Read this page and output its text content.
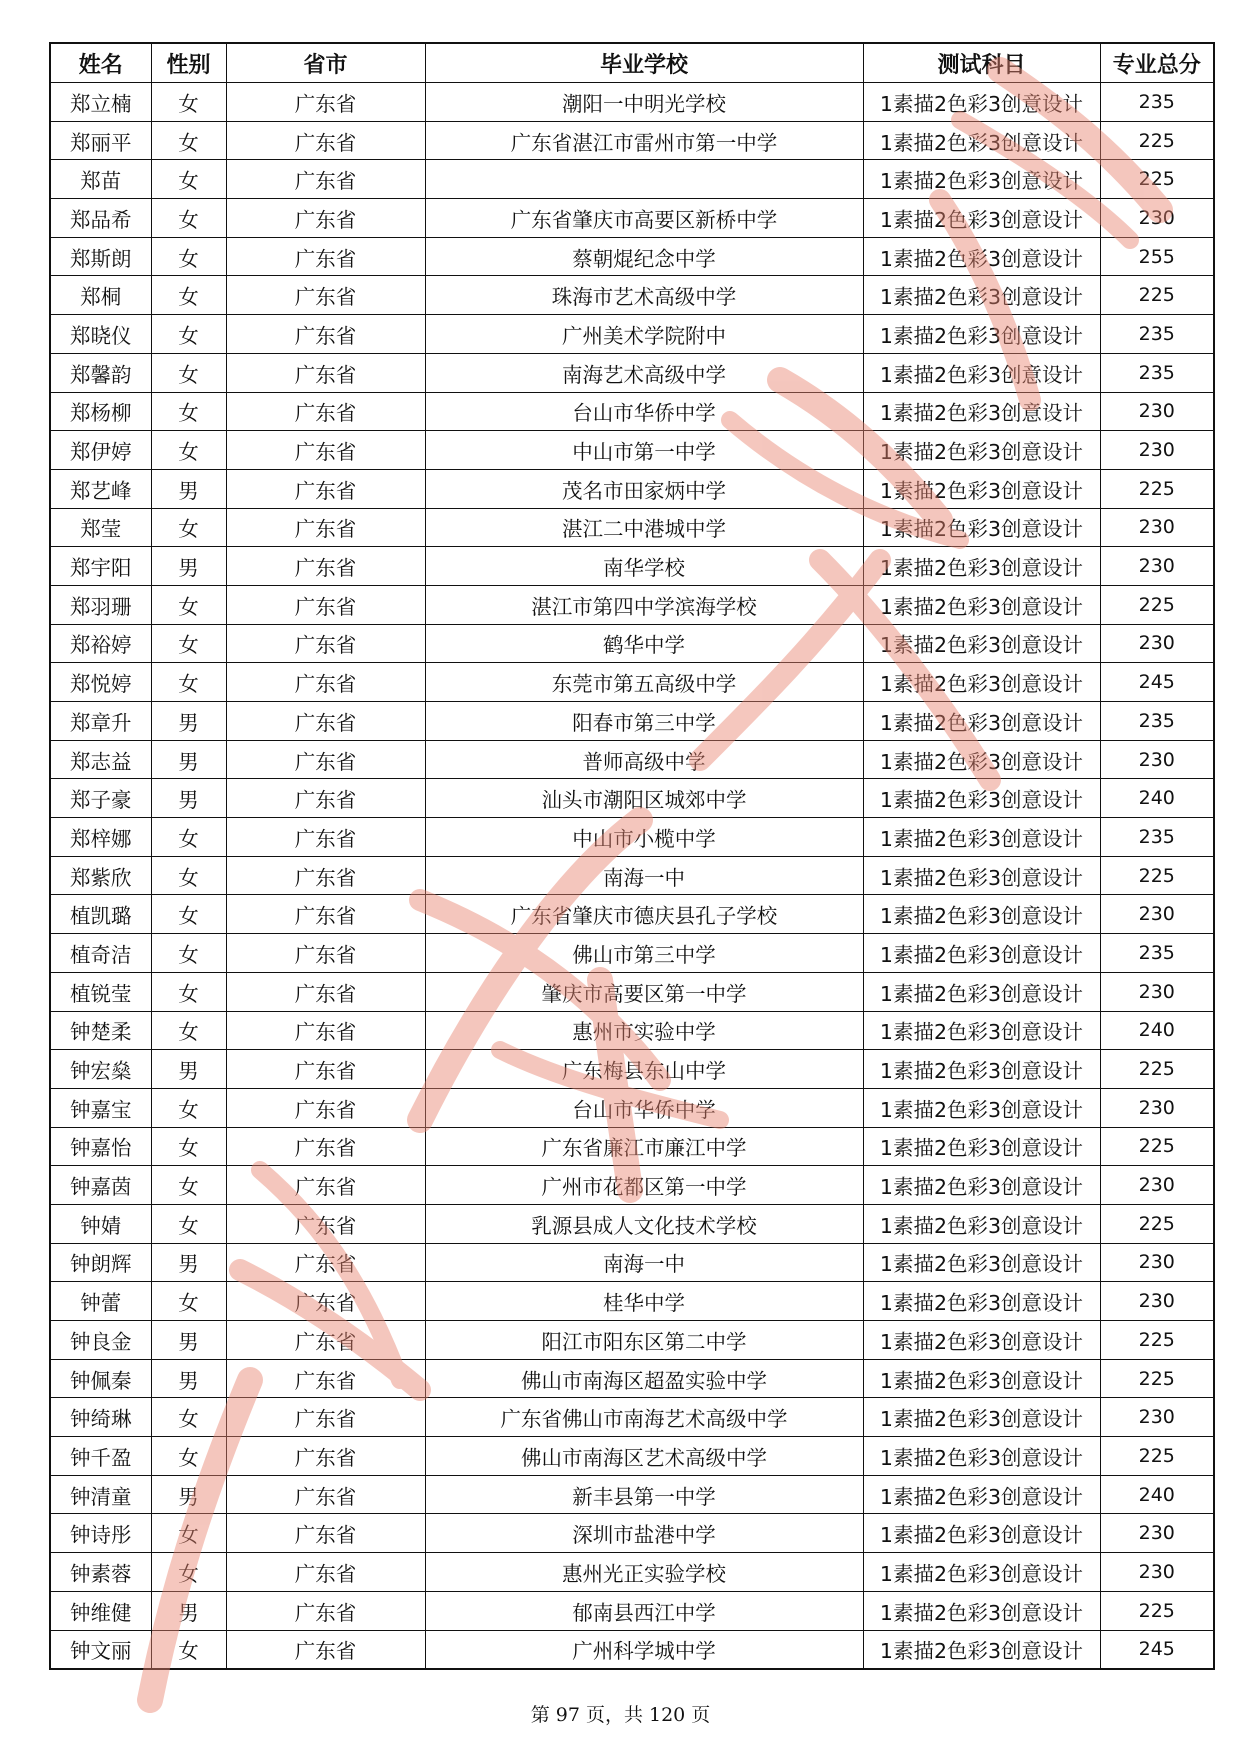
姓名	性别	省市	毕业学校	测试科目	专业总分
郑立楠	女	广东省	潮阳一中明光学校	1素描2色彩3创意设计	235
郑丽平	女	广东省	广东省湛江市雷州市第一中学	1素描2色彩3创意设计	225
郑苗	女	广东省		1素描2色彩3创意设计	225
郑品希	女	广东省	广东省肇庆市高要区新桥中学	1素描2色彩3创意设计	230
郑斯朗	女	广东省	蔡朝焜纪念中学	1素描2色彩3创意设计	255
郑桐	女	广东省	珠海市艺术高级中学	1素描2色彩3创意设计	225
郑晓仪	女	广东省	广州美术学院附中	1素描2色彩3创意设计	235
郑馨韵	女	广东省	南海艺术高级中学	1素描2色彩3创意设计	235
郑杨柳	女	广东省	台山市华侨中学	1素描2色彩3创意设计	230
郑伊婷	女	广东省	中山市第一中学	1素描2色彩3创意设计	230
郑艺峰	男	广东省	茂名市田家炳中学	1素描2色彩3创意设计	225
郑莹	女	广东省	湛江二中港城中学	1素描2色彩3创意设计	230
郑宇阳	男	广东省	南华学校	1素描2色彩3创意设计	230
郑羽珊	女	广东省	湛江市第四中学滨海学校	1素描2色彩3创意设计	225
郑裕婷	女	广东省	鹤华中学	1素描2色彩3创意设计	230
郑悦婷	女	广东省	东莞市第五高级中学	1素描2色彩3创意设计	245
郑章升	男	广东省	阳春市第三中学	1素描2色彩3创意设计	235
郑志益	男	广东省	普师高级中学	1素描2色彩3创意设计	230
郑子豪	男	广东省	汕头市潮阳区城郊中学	1素描2色彩3创意设计	240
郑梓娜	女	广东省	中山市小榄中学	1素描2色彩3创意设计	235
郑紫欣	女	广东省	南海一中	1素描2色彩3创意设计	225
植凯璐	女	广东省	广东省肇庆市德庆县孔子学校	1素描2色彩3创意设计	230
植奇洁	女	广东省	佛山市第三中学	1素描2色彩3创意设计	235
植锐莹	女	广东省	肇庆市高要区第一中学	1素描2色彩3创意设计	230
钟楚柔	女	广东省	惠州市实验中学	1素描2色彩3创意设计	240
钟宏燊	男	广东省	广东梅县东山中学	1素描2色彩3创意设计	225
钟嘉宝	女	广东省	台山市华侨中学	1素描2色彩3创意设计	230
钟嘉怡	女	广东省	广东省廉江市廉江中学	1素描2色彩3创意设计	225
钟嘉茵	女	广东省	广州市花都区第一中学	1素描2色彩3创意设计	230
钟婧	女	广东省	乳源县成人文化技术学校	1素描2色彩3创意设计	225
钟朗辉	男	广东省	南海一中	1素描2色彩3创意设计	230
钟蕾	女	广东省	桂华中学	1素描2色彩3创意设计	230
钟良金	男	广东省	阳江市阳东区第二中学	1素描2色彩3创意设计	225
钟佩秦	男	广东省	佛山市南海区超盈实验中学	1素描2色彩3创意设计	225
钟绮琳	女	广东省	广东省佛山市南海艺术高级中学	1素描2色彩3创意设计	230
钟千盈	女	广东省	佛山市南海区艺术高级中学	1素描2色彩3创意设计	225
钟清童	男	广东省	新丰县第一中学	1素描2色彩3创意设计	240
钟诗彤	女	广东省	深圳市盐港中学	1素描2色彩3创意设计	230
钟素蓉	女	广东省	惠州光正实验学校	1素描2色彩3创意设计	230
钟维健	男	广东省	郁南县西江中学	1素描2色彩3创意设计	225
钟文丽	女	广东省	广州科学城中学	1素描2色彩3创意设计	245
第 97 页，共 120 页
